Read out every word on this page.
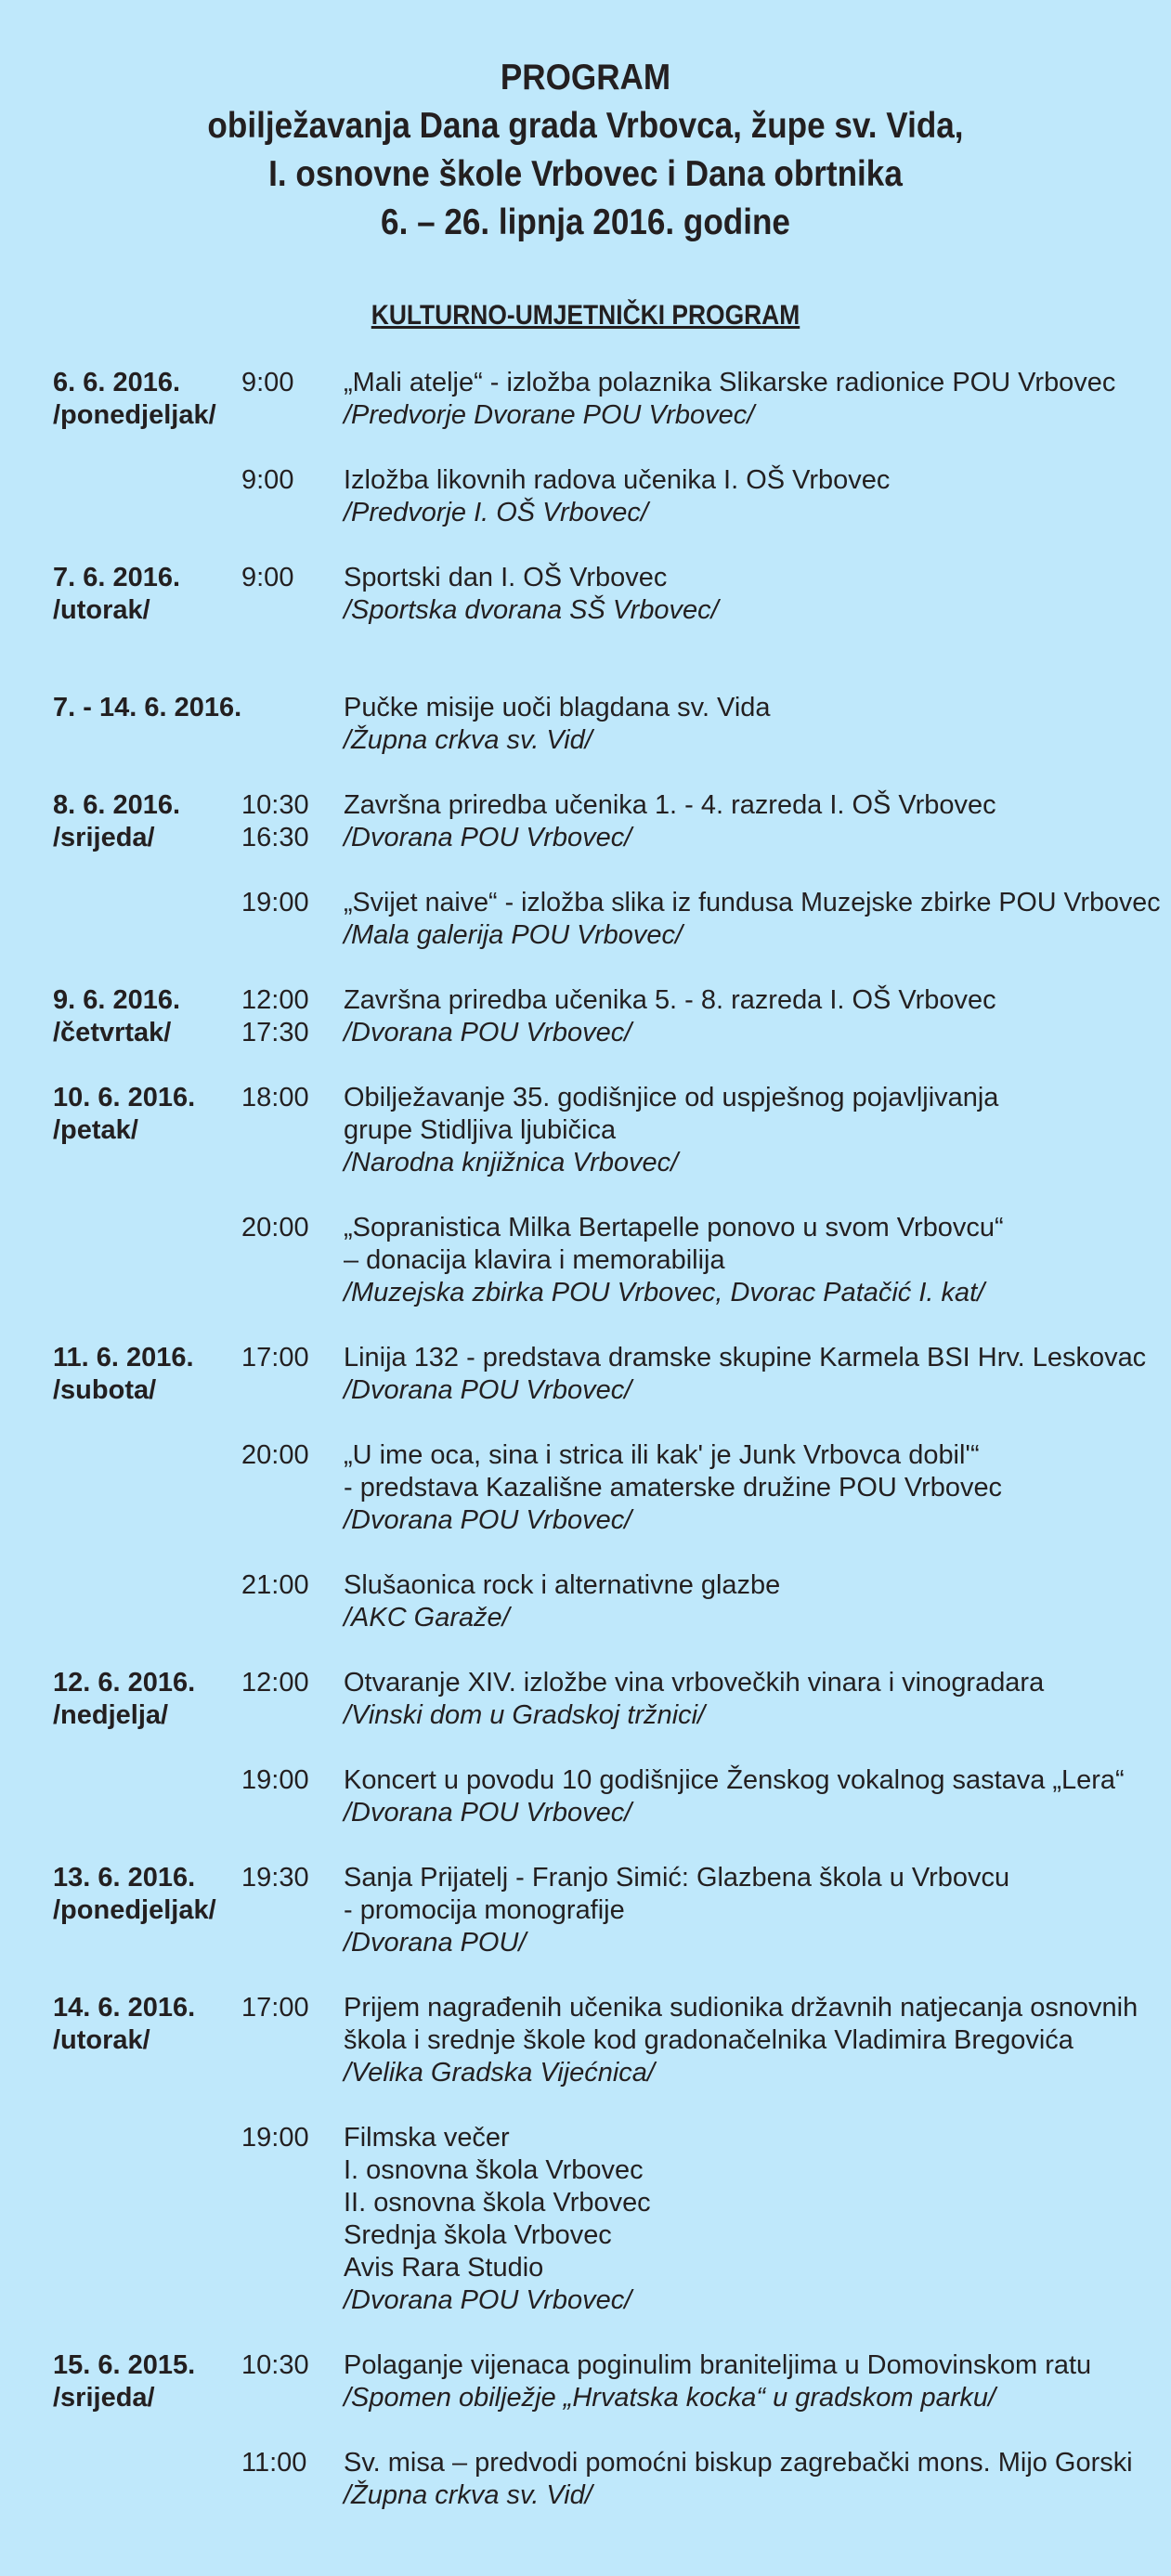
PROGRAM
obilježavanja Dana grada Vrbovca, župe sv. Vida,
I. osnovne škole Vrbovec i Dana obrtnika
6. – 26. lipnja 2016. godine
KULTURNO-UMJETNIČKI PROGRAM
6. 6. 2016.
/ponedjeljak/
9:00 „Mali atelje“ - izložba polaznika Slikarske radionice POU Vrbovec
/Predvorje Dvorane POU Vrbovec/
9:00 Izložba likovnih radova učenika I. OŠ Vrbovec
/Predvorje I. OŠ Vrbovec/
7. 6. 2016.
/utorak/
9:00 Sportski dan I. OŠ Vrbovec
/Sportska dvorana SŠ Vrbovec/
7. - 14. 6. 2016.	Pučke misije uoči blagdana sv. Vida
/Župna crkva sv. Vid/
8. 6. 2016.
/srijeda/
10:30
16:30
Završna priredba učenika 1. - 4. razreda I. OŠ Vrbovec
/Dvorana POU Vrbovec/
19:00 „Svijet naive“ - izložba slika iz fundusa Muzejske zbirke POU Vrbovec
/Mala galerija POU Vrbovec/
9. 6. 2016.
/četvrtak/
12:00
17:30
Završna priredba učenika 5. - 8. razreda I. OŠ Vrbovec
/Dvorana POU Vrbovec/
10. 6. 2016.
/petak/
18:00 Obilježavanje 35. godišnjice od uspješnog pojavljivanja
grupe Stidljiva ljubičica
/Narodna knjižnica Vrbovec/
20:00 „Sopranistica Milka Bertapelle ponovo u svom Vrbovcu“
– donacija klavira i memorabilija
/Muzejska zbirka POU Vrbovec, Dvorac Patačić I. kat/
11. 6. 2016.
/subota/
17:00 Linija 132 - predstava dramske skupine Karmela BSI Hrv. Leskovac
/Dvorana POU Vrbovec/
20:00 „U ime oca, sina i strica ili kak' je Junk Vrbovca dobil'“
- predstava Kazališne amaterske družine POU Vrbovec
/Dvorana POU Vrbovec/
21:00 Slušaonica rock i alternativne glazbe
/AKC Garaže/
12. 6. 2016.
/nedjelja/
12:00 Otvaranje XIV. izložbe vina vrbovečkih vinara i vinogradara
/Vinski dom u Gradskoj tržnici/
19:00 Koncert u povodu 10 godišnjice Ženskog vokalnog sastava „Lera“
/Dvorana POU Vrbovec/
13. 6. 2016.
/ponedjeljak/
19:30 Sanja Prijatelj - Franjo Simić: Glazbena škola u Vrbovcu
- promocija monografije
/Dvorana POU/
14. 6. 2016.
/utorak/
17:00 Prijem nagrađenih učenika sudionika državnih natjecanja osnovnih
škola i srednje škole kod gradonačelnika Vladimira Bregovića
/Velika Gradska Vijećnica/
19:00 Filmska večer
I. osnovna škola Vrbovec
II. osnovna škola Vrbovec
Srednja škola Vrbovec
Avis Rara Studio
/Dvorana POU Vrbovec/
15. 6. 2015.
/srijeda/
10:30 Polaganje vijenaca poginulim braniteljima u Domovinskom ratu
/Spomen obilježje „Hrvatska kocka“ u gradskom parku/
11:00 Sv. misa – predvodi pomoćni biskup zagrebački mons. Mijo Gorski
/Župna crkva sv. Vid/
